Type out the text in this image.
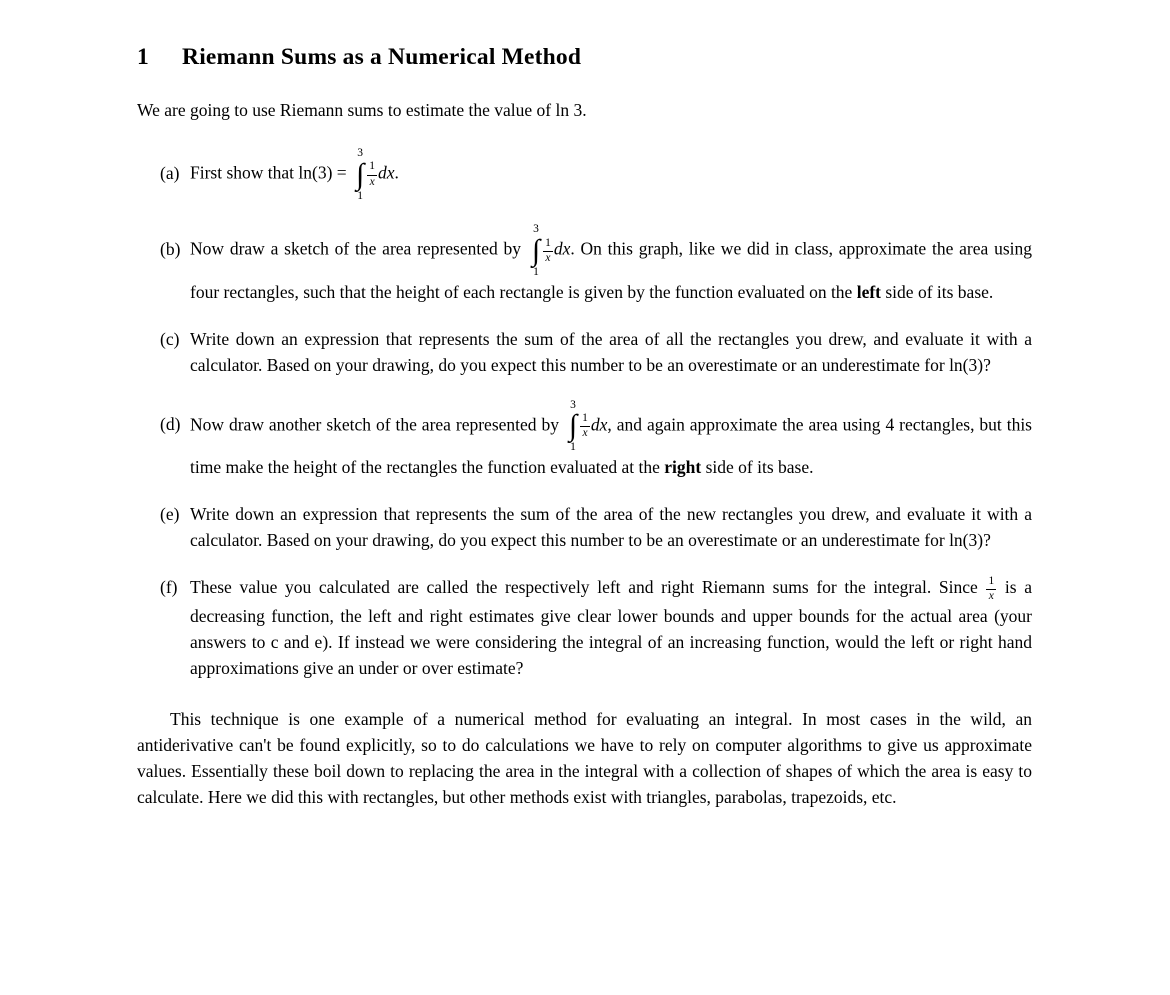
1 Riemann Sums as a Numerical Method

We are going to use Riemann sums to estimate the value of ln 3.

(a) First show that ln(3) =
3
∫
1
$\frac{1}{x}$ dx.
(b) Now draw a sketch of the area represented by
3
∫
1
$\frac{1}{x}$ dx. On this graph, like we did in class, approximate the area using four rectangles, such that the height of each rectangle is given by the function evaluated on the left side of its base.
(c) Write down an expression that represents the sum of the area of all the rectangles you drew, and evaluate it with a calculator. Based on your drawing, do you expect this number to be an overestimate or an underestimate for ln(3)?
(d) Now draw another sketch of the area represented by
3
∫
1
$\frac{1}{x}$ dx, and again approximate the area using 4 rectangles, but this time make the height of the rectangles the function evaluated at the right side of its base.
(e) Write down an expression that represents the sum of the area of the new rectangles you drew, and evaluate it with a calculator. Based on your drawing, do you expect this number to be an overestimate or an underestimate for ln(3)?
(f) These value you calculated are called the respectively left and right Riemann sums for the integral. Since $\frac{1}{x}$ is a decreasing function, the left and right estimates give clear lower bounds and upper bounds for the actual area (your answers to c and e). If instead we were considering the integral of an increasing function, would the left or right hand approximations give an under or over estimate?

This technique is one example of a numerical method for evaluating an integral. In most cases in the wild, an antiderivative can't be found explicitly, so to do calculations we have to rely on computer algorithms to give us approximate values. Essentially these boil down to replacing the area in the integral with a collection of shapes of which the area is easy to calculate. Here we did this with rectangles, but other methods exist with triangles, parabolas, trapezoids, etc.
